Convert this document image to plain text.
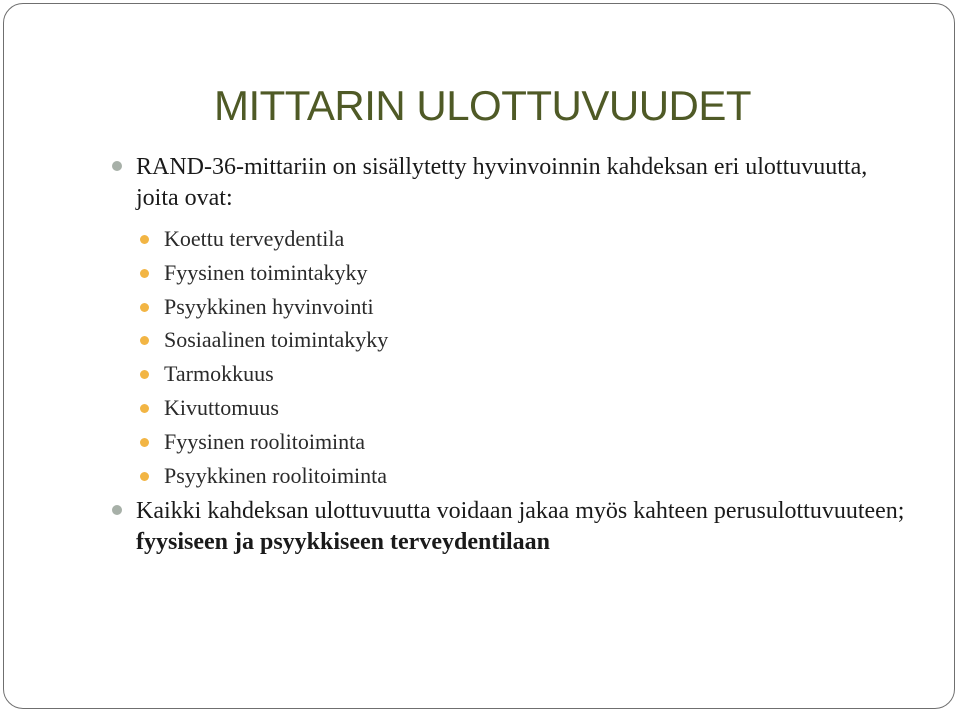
MITTARIN ULOTTUVUUDET
RAND-36-mittariin on sisällytetty hyvinvoinnin kahdeksan eri ulottuvuutta, joita ovat:
Koettu terveydentila
Fyysinen toimintakyky
Psyykkinen hyvinvointi
Sosiaalinen toimintakyky
Tarmokkuus
Kivuttomuus
Fyysinen roolitoiminta
Psyykkinen roolitoiminta
Kaikki kahdeksan ulottuvuutta voidaan jakaa myös kahteen perusulottuvuuteen; fyysiseen ja psyykkiseen terveydentilaan
